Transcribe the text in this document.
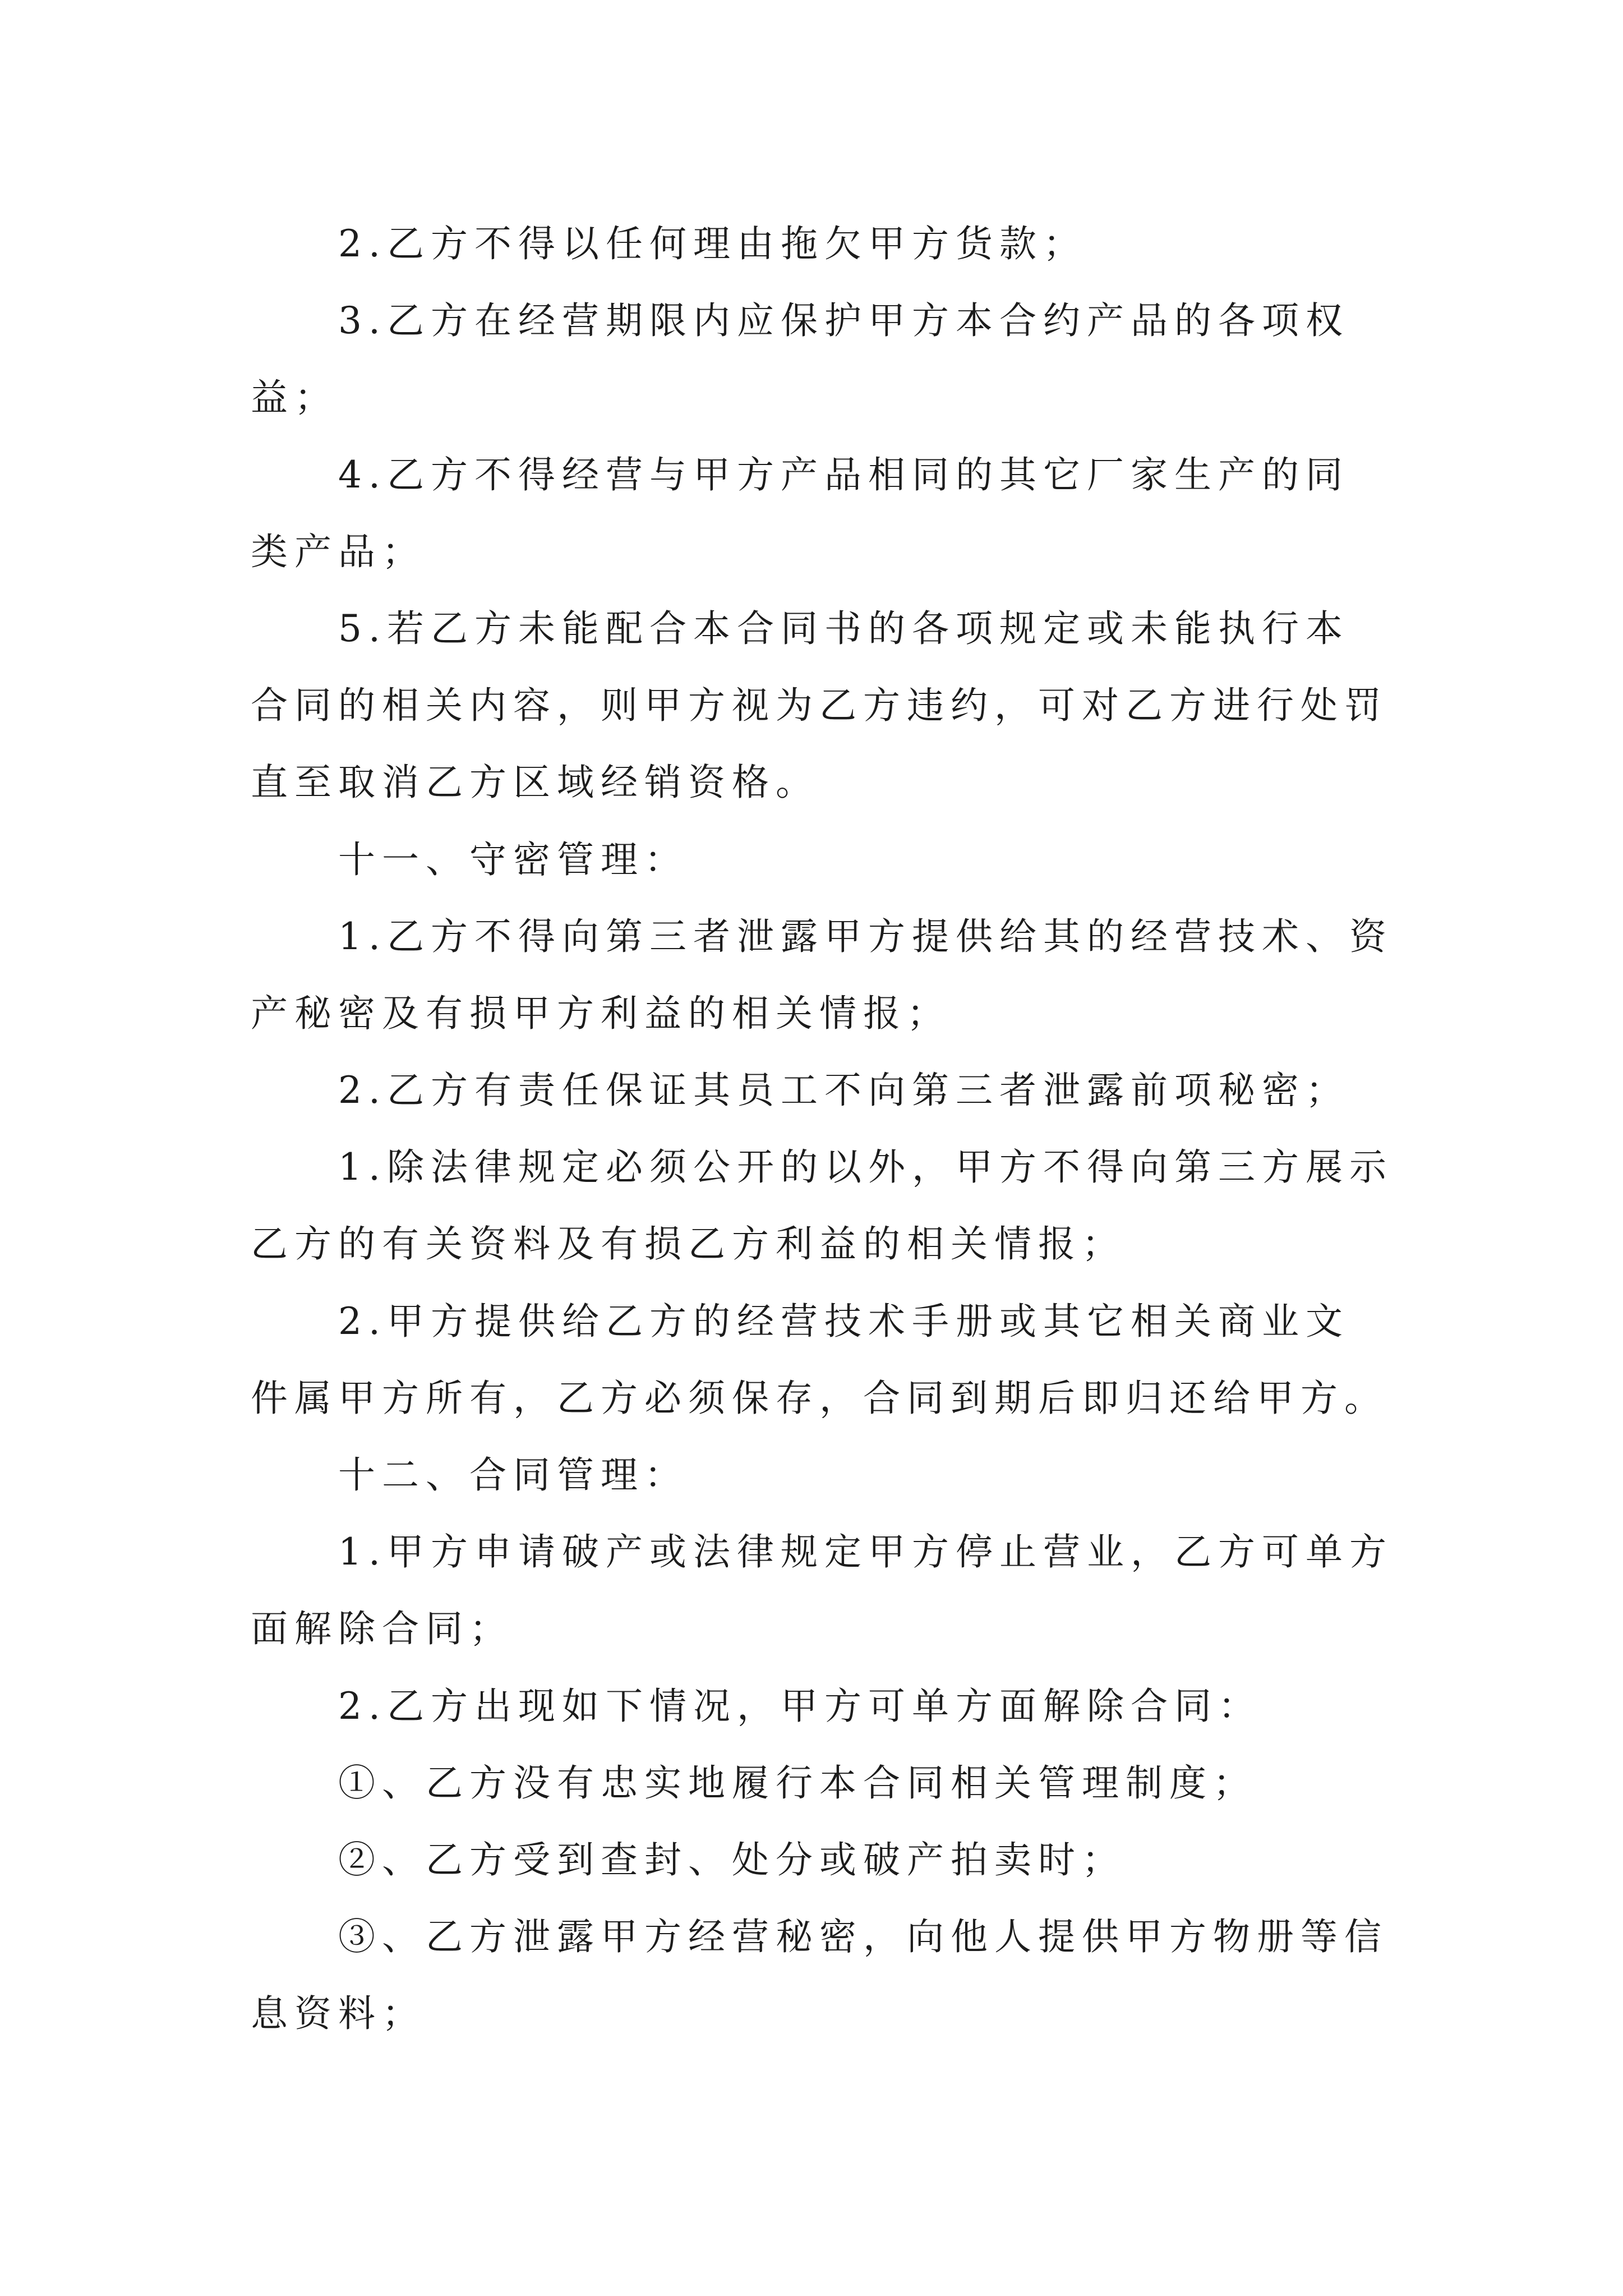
2.乙方不得以任何理由拖欠甲方货款；
3.乙方在经营期限内应保护甲方本合约产品的各项权
益；
4.乙方不得经营与甲方产品相同的其它厂家生产的同
类产品；
5.若乙方未能配合本合同书的各项规定或未能执行本
合同的相关内容，则甲方视为乙方违约，可对乙方进行处罚
直至取消乙方区域经销资格。
十一、守密管理：
1.乙方不得向第三者泄露甲方提供给其的经营技术、资
产秘密及有损甲方利益的相关情报；
2.乙方有责任保证其员工不向第三者泄露前项秘密；
1.除法律规定必须公开的以外，甲方不得向第三方展示
乙方的有关资料及有损乙方利益的相关情报；
2.甲方提供给乙方的经营技术手册或其它相关商业文
件属甲方所有，乙方必须保存，合同到期后即归还给甲方。
十二、合同管理：
1.甲方申请破产或法律规定甲方停止营业，乙方可单方
面解除合同；
2.乙方出现如下情况，甲方可单方面解除合同：
①、乙方没有忠实地履行本合同相关管理制度；
②、乙方受到查封、处分或破产拍卖时；
③、乙方泄露甲方经营秘密，向他人提供甲方物册等信
息资料；
